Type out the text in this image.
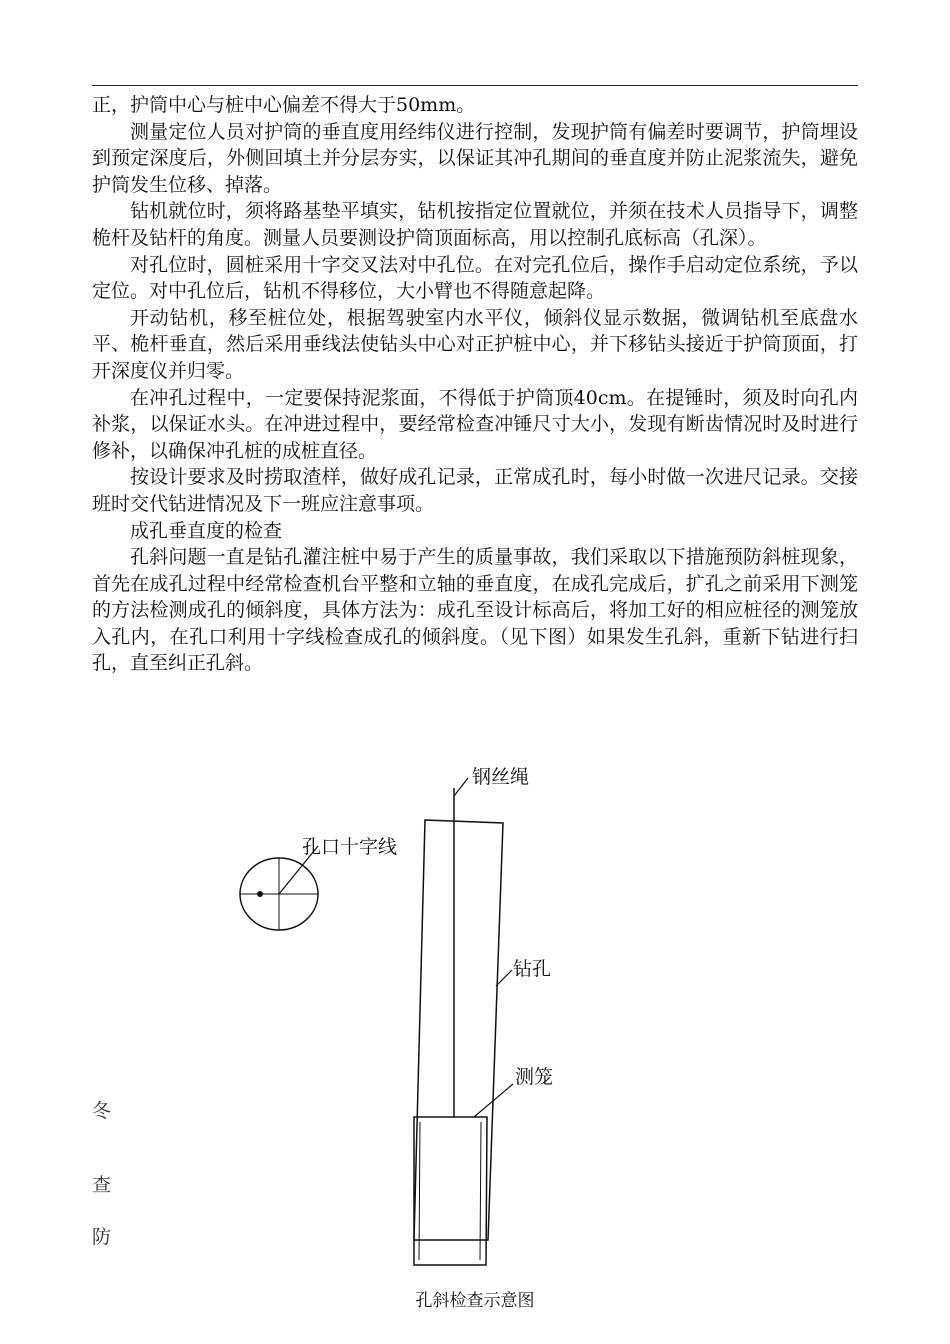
正，护筒中心与桩中心偏差不得大于50mm。

测量定位人员对护筒的垂直度用经纬仪进行控制，发现护筒有偏差时要调节，护筒埋设到预定深度后，外侧回填土并分层夯实，以保证其冲孔期间的垂直度并防止泥浆流失，避免护筒发生位移、掉落。

钻机就位时，须将路基垫平填实，钻机按指定位置就位，并须在技术人员指导下，调整桅杆及钻杆的角度。测量人员要测设护筒顶面标高，用以控制孔底标高（孔深）。

对孔位时，圆桩采用十字交叉法对中孔位。在对完孔位后，操作手启动定位系统，予以定位。对中孔位后，钻机不得移位，大小臂也不得随意起降。

开动钻机，移至桩位处，根据驾驶室内水平仪，倾斜仪显示数据，微调钻机至底盘水平、桅杆垂直，然后采用垂线法使钻头中心对正护桩中心，并下移钻头接近于护筒顶面，打开深度仪并归零。

在冲孔过程中，一定要保持泥浆面，不得低于护筒顶40cm。在提锤时，须及时向孔内补浆，以保证水头。在冲进过程中，要经常检查冲锤尺寸大小，发现有断齿情况时及时进行修补，以确保冲孔桩的成桩直径。

按设计要求及时捞取渣样，做好成孔记录，正常成孔时，每小时做一次进尺记录。交接班时交代钻进情况及下一班应注意事项。

成孔垂直度的检查

孔斜问题一直是钻孔灌注桩中易于产生的质量事故，我们采取以下措施预防斜桩现象，首先在成孔过程中经常检查机台平整和立轴的垂直度，在成孔完成后，扩孔之前采用下测笼的方法检测成孔的倾斜度，具体方法为：成孔至设计标高后，将加工好的相应桩径的测笼放入孔内，在孔口利用十字线检查成孔的倾斜度。（见下图）如果发生孔斜，重新下钻进行扫孔，直至纠正孔斜。

钢丝绳
孔口十字线
钻孔
测笼
冬
查
防
孔斜检查示意图
